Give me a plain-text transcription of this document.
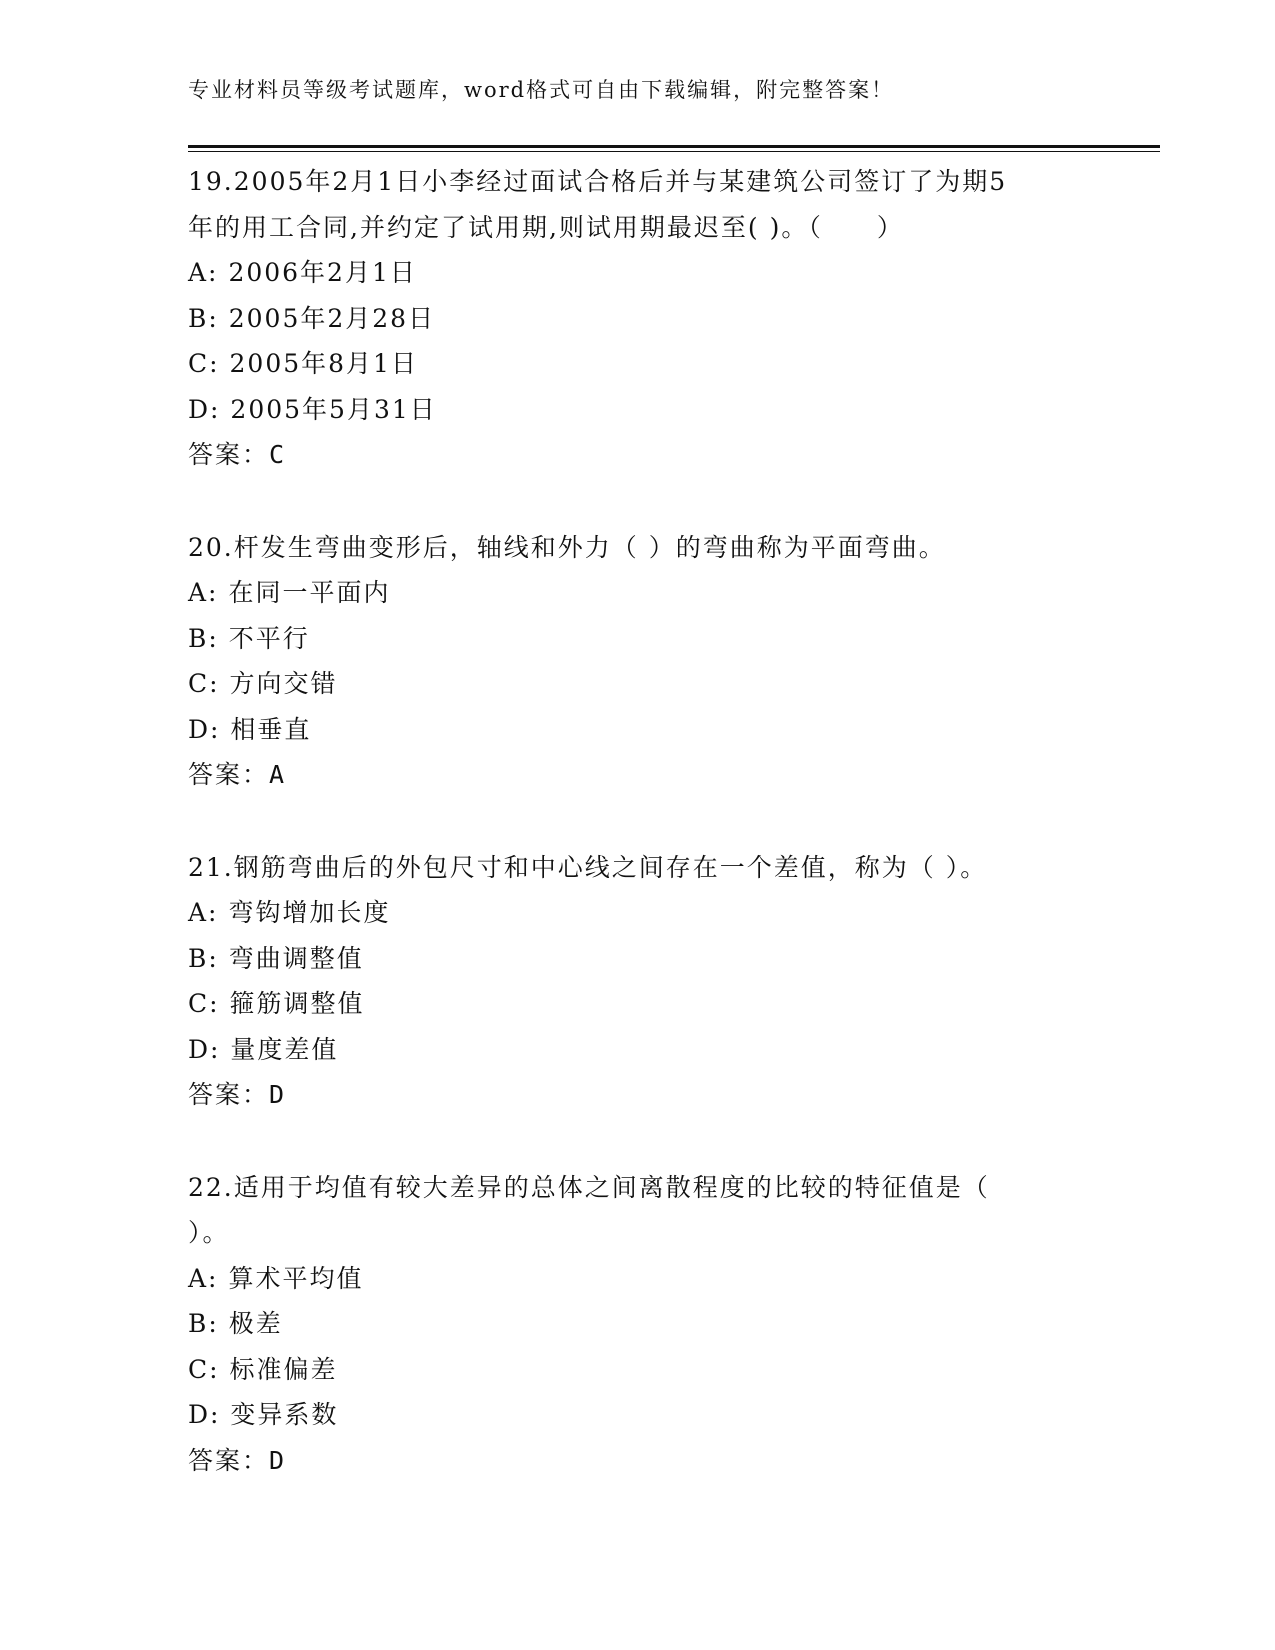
专业材料员等级考试题库，word格式可自由下载编辑，附完整答案！
19.2005年2月1日小李经过面试合格后并与某建筑公司签订了为期5
年的用工合同,并约定了试用期,则试用期最迟至( )。（　　）
A: 2006年2月1日
B: 2005年2月28日
C: 2005年8月1日
D: 2005年5月31日
答案：C
20.杆发生弯曲变形后，轴线和外力（ ）的弯曲称为平面弯曲。
A: 在同一平面内
B: 不平行
C: 方向交错
D: 相垂直
答案：A
21.钢筋弯曲后的外包尺寸和中心线之间存在一个差值，称为（ ）。
A: 弯钩增加长度
B: 弯曲调整值
C: 箍筋调整值
D: 量度差值
答案：D
22.适用于均值有较大差异的总体之间离散程度的比较的特征值是（
）。
A: 算术平均值
B: 极差
C: 标准偏差
D: 变异系数
答案：D
